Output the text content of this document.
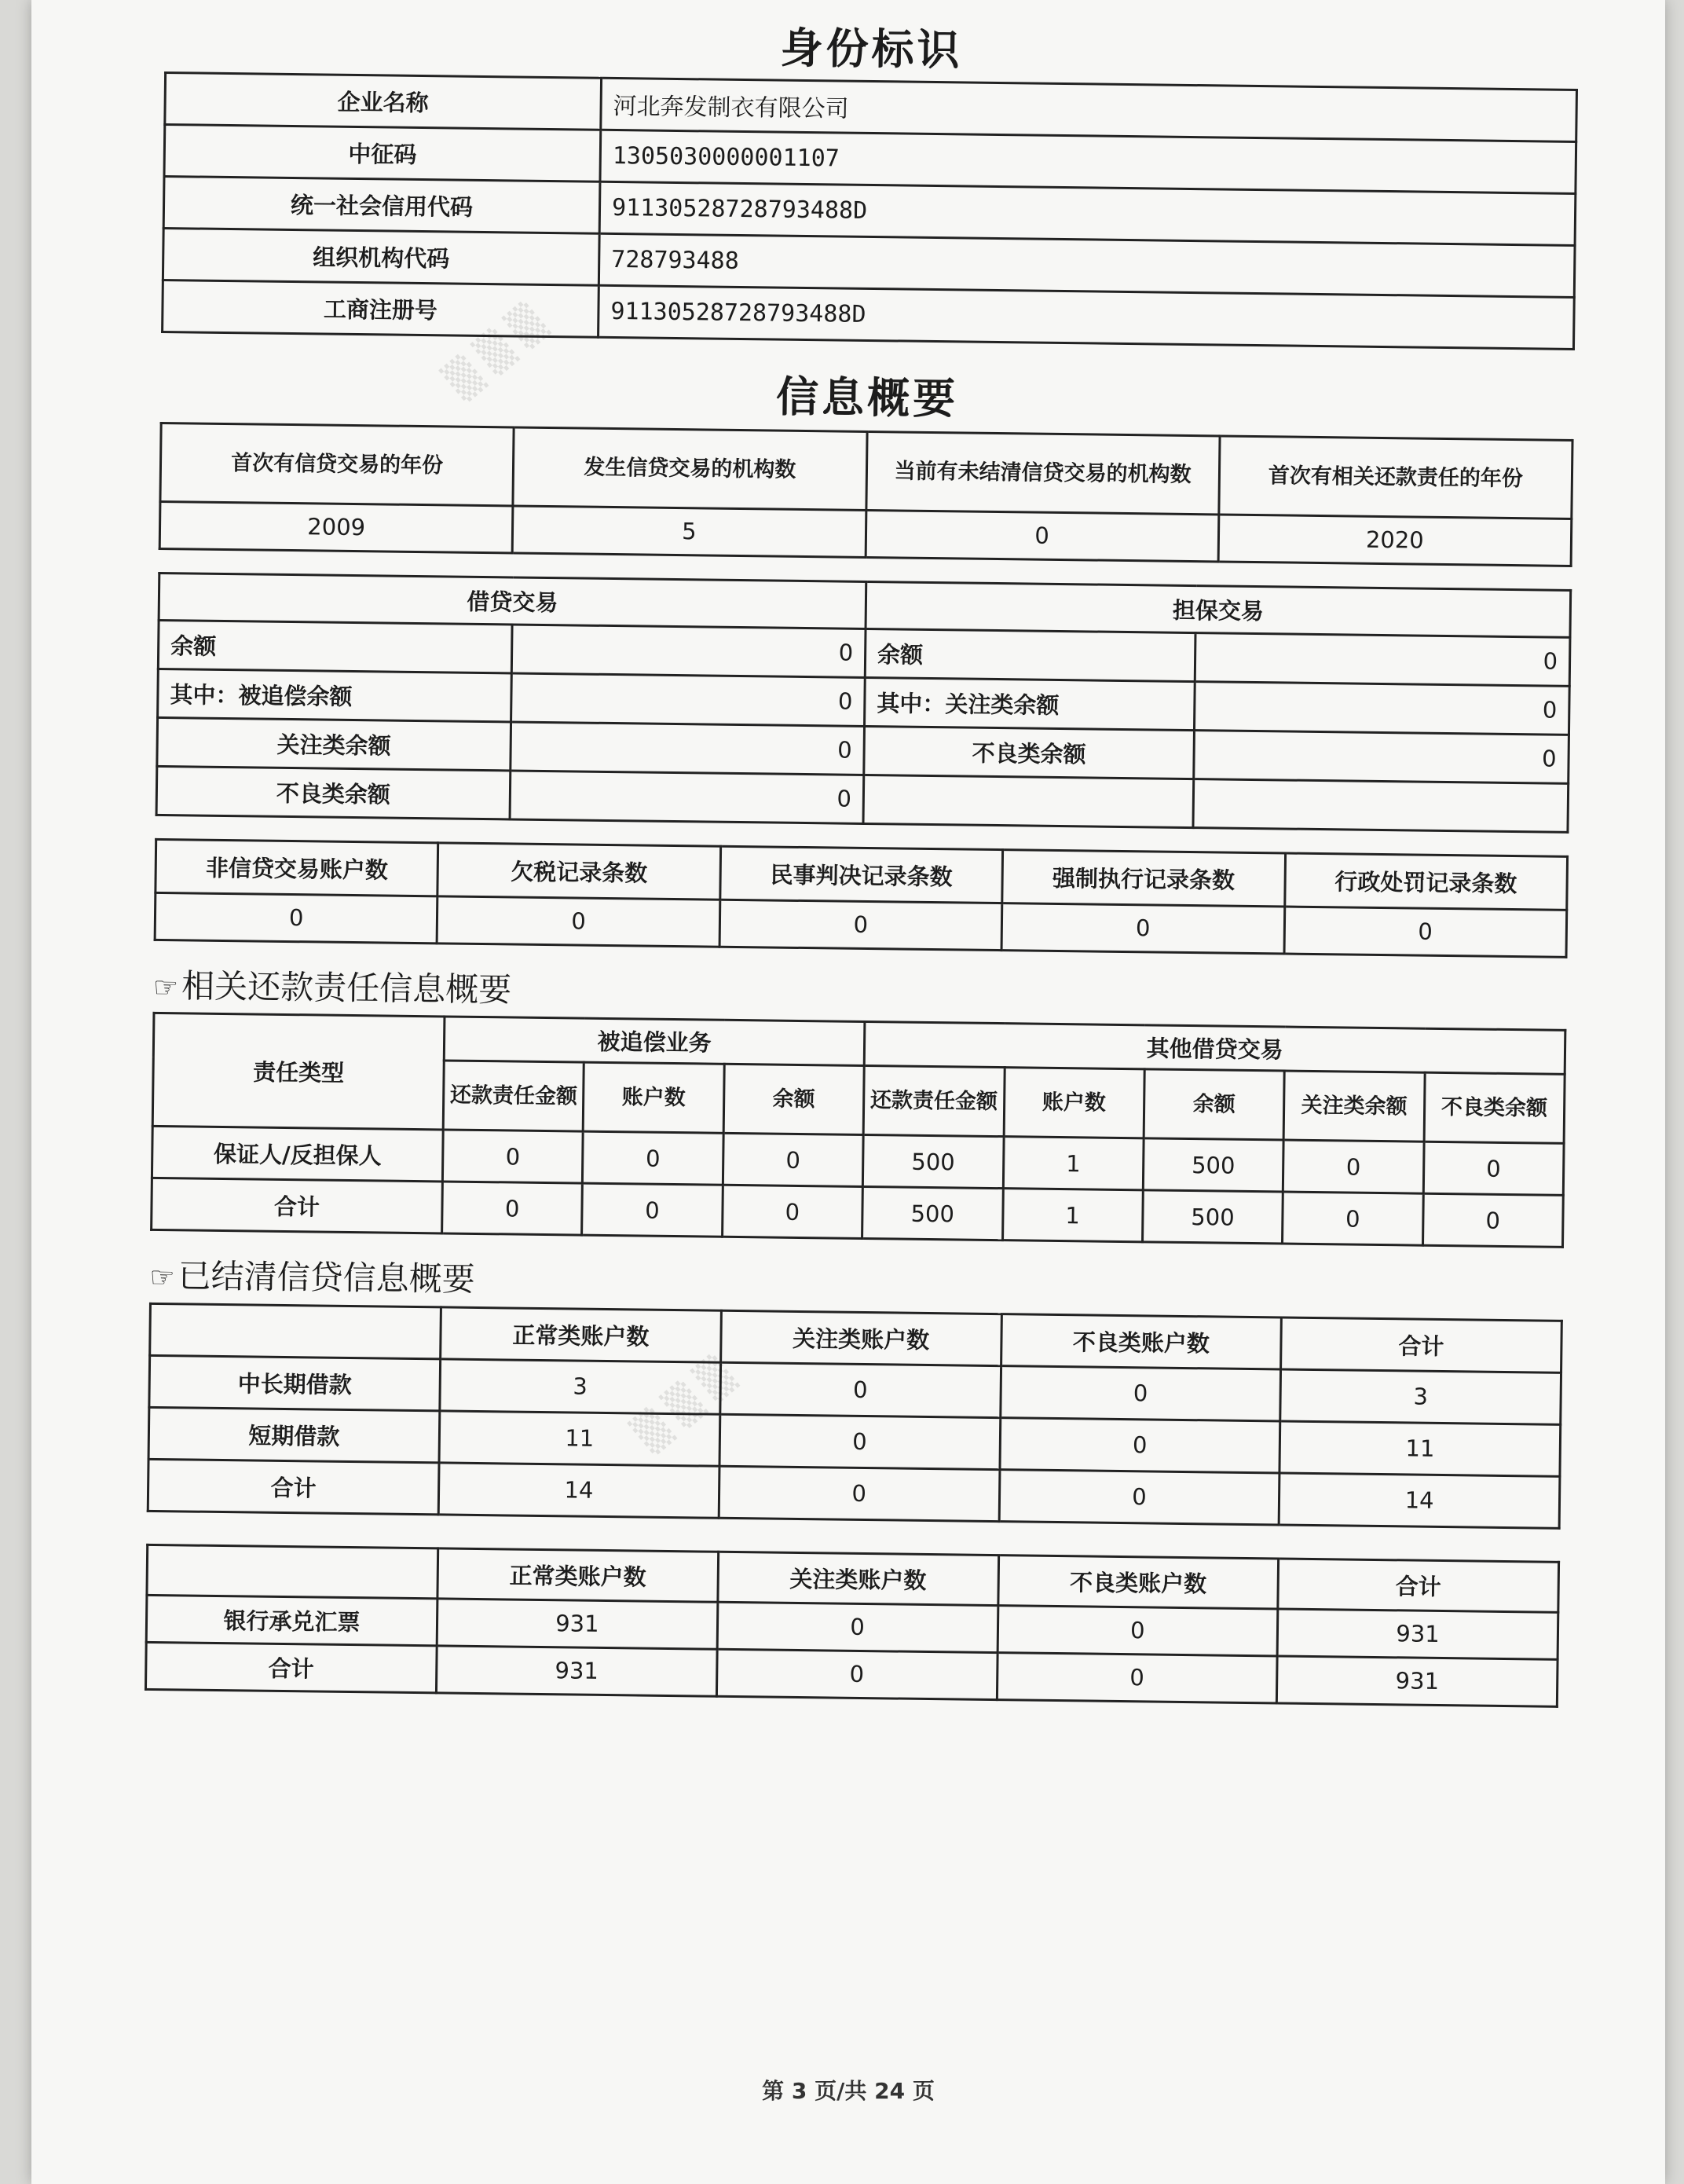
▒ ▒ ▒
▒ ▒ ▒
身份标识
企业名称	河北奔发制衣有限公司
中征码	1305030000001107
统一社会信用代码	91130528728793488D
组织机构代码	728793488
工商注册号	91130528728793488D
信息概要
首次有信贷交易的年份	发生信贷交易的机构数	当前有未结清信贷交易的机构数	首次有相关还款责任的年份
2009	5	0	2020
借贷交易		担保交易	
余额	0	余额	0
其中：被追偿余额	0	其中：关注类余额	0
关注类余额	0	不良类余额	0
不良类余额	0		
非信贷交易账户数	欠税记录条数	民事判决记录条数	强制执行记录条数	行政处罚记录条数
0	0	0	0	0
☞相关还款责任信息概要
责任类型	被追偿业务			其他借贷交易				
	还款责任金额	账户数	余额	还款责任金额	账户数	余额	关注类余额	不良类余额
保证人/反担保人	0	0	0	500	1	500	0	0
合计	0	0	0	500	1	500	0	0
☞已结清信贷信息概要
	正常类账户数	关注类账户数	不良类账户数	合计
中长期借款	3	0	0	3
短期借款	11	0	0	11
合计	14	0	0	14
	正常类账户数	关注类账户数	不良类账户数	合计
银行承兑汇票	931	0	0	931
合计	931	0	0	931
第 3 页/共 24 页
